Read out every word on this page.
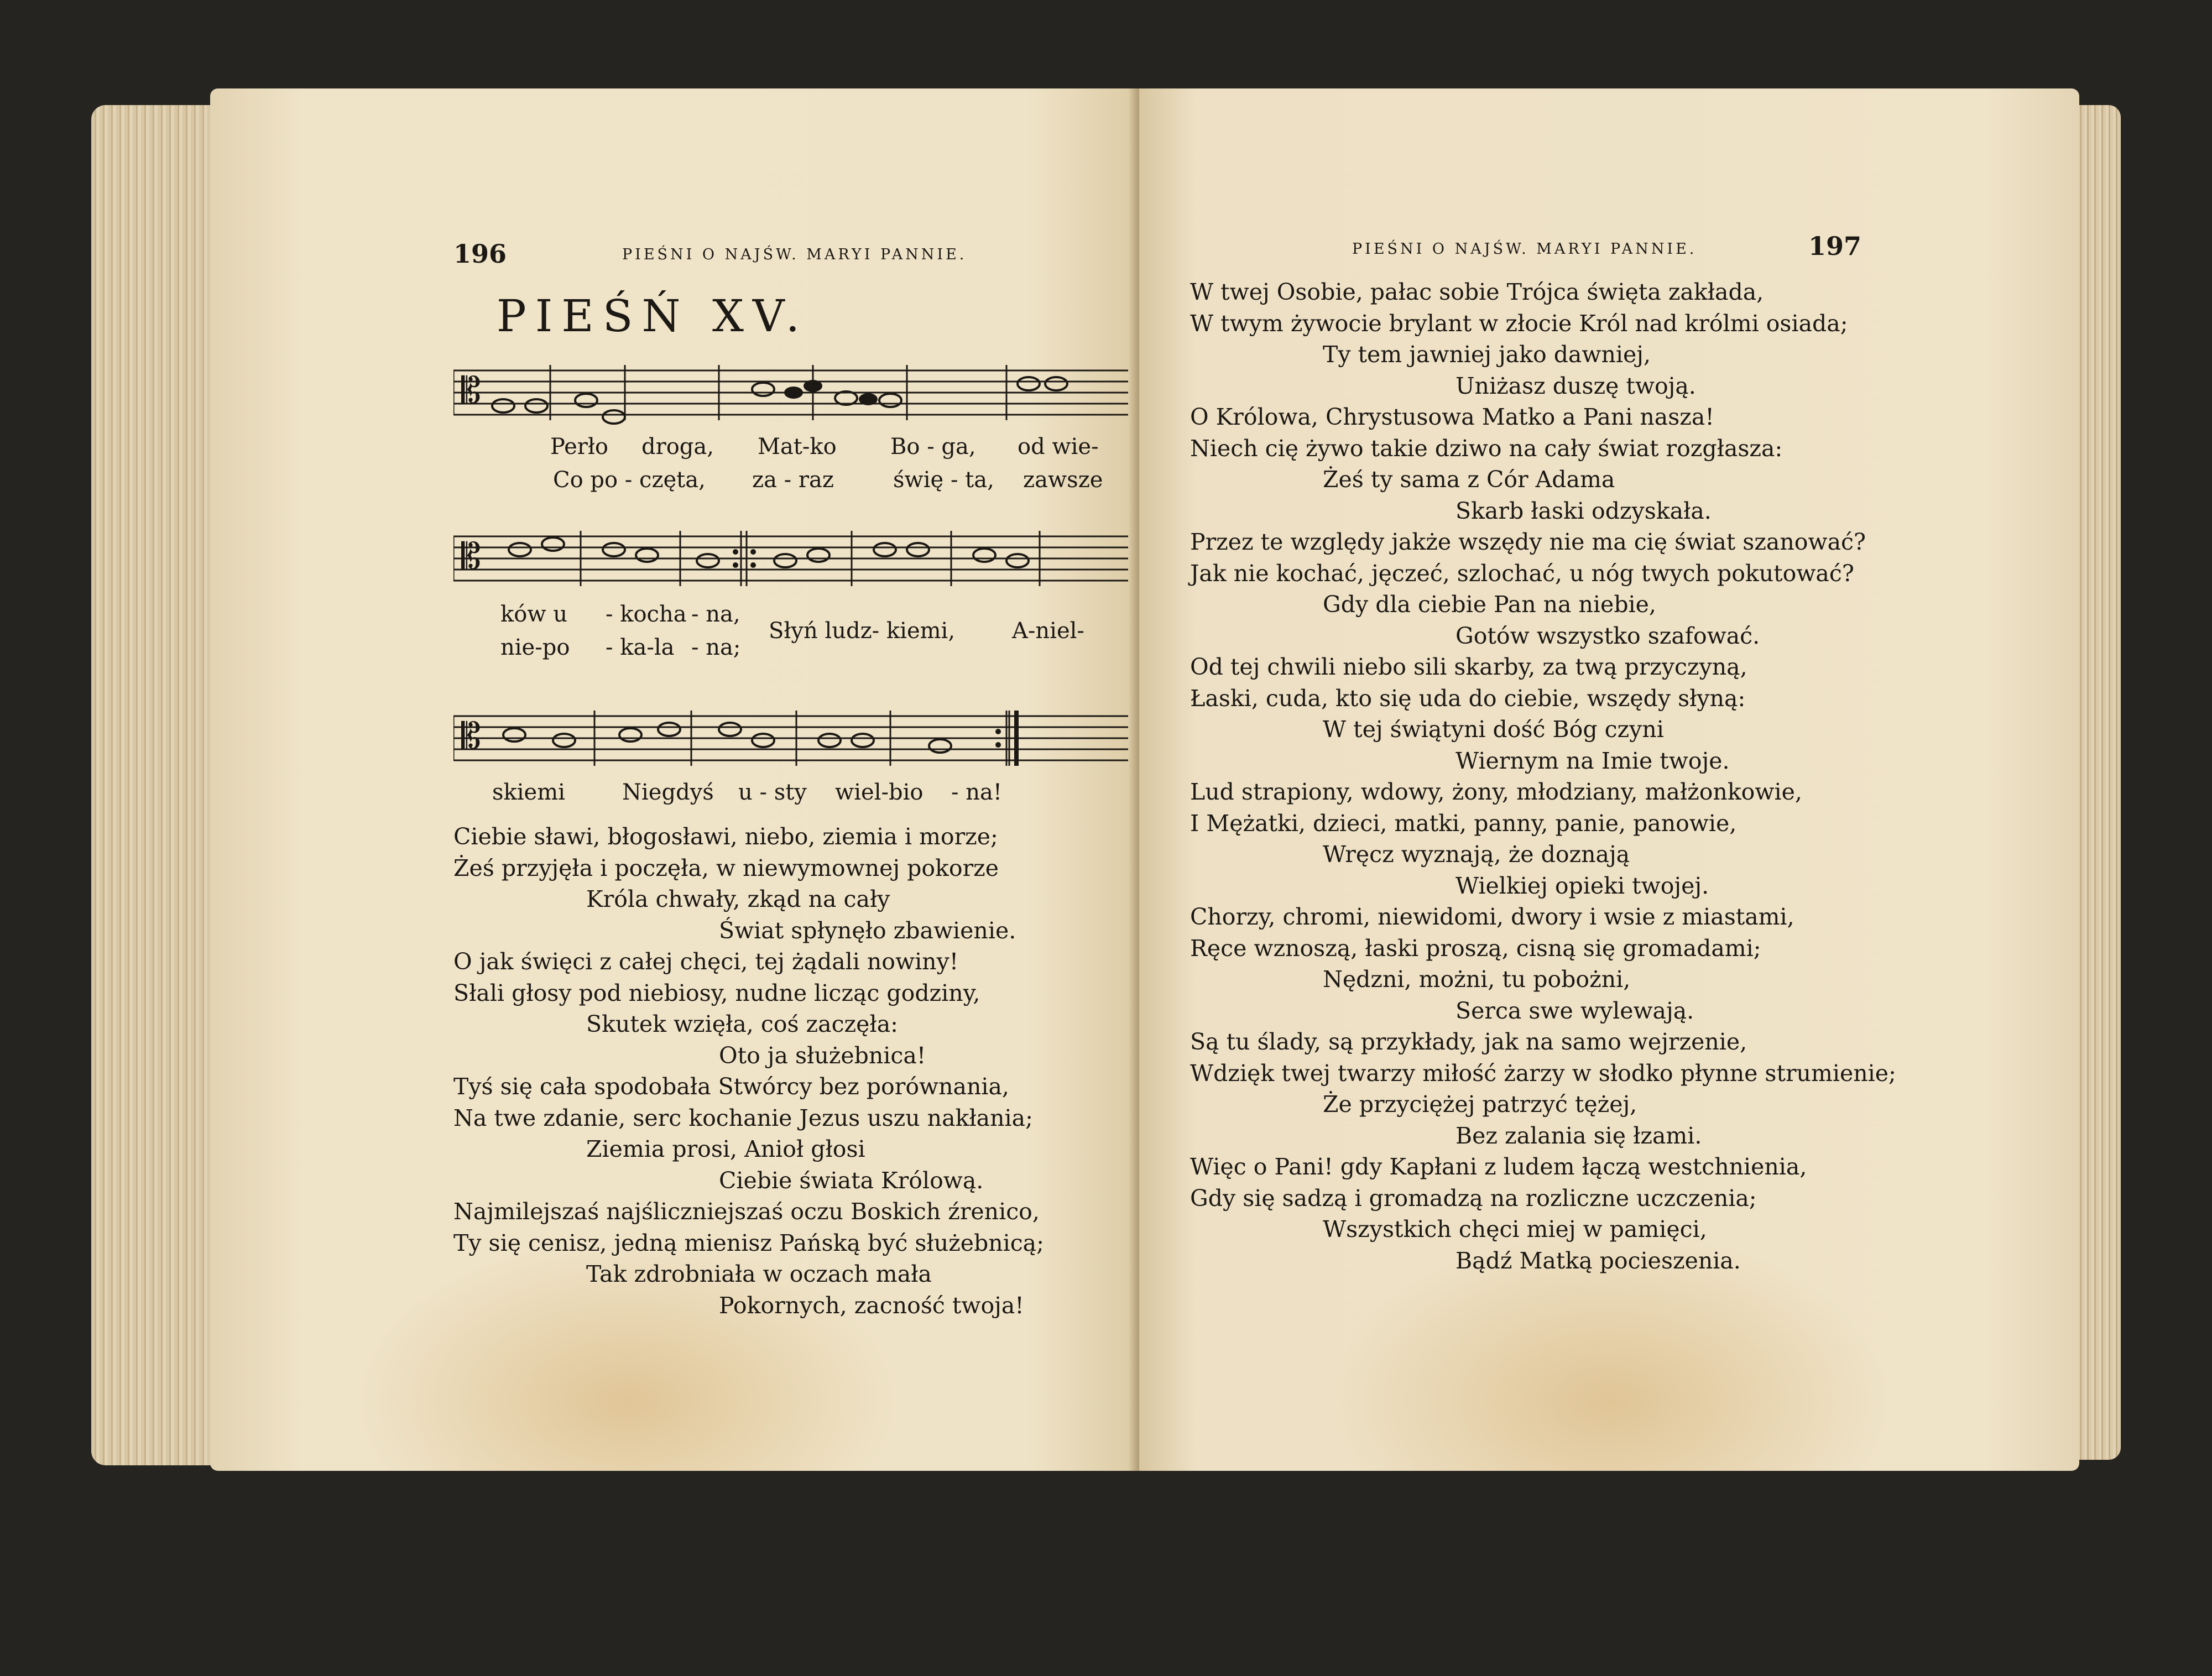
196	PIEŚNI O NAJŚW. MARYI PANNIE.
PIEŚŃ XV.
𝄡
Perło droga, Mat-ko Bo - ga, od wie-
Co po - częta, za - raz	świę - ta, zawsze
𝄡
ków u - kocha - na,
nie-po - ka-la - na;
Słyń ludz- kiemi,	A-niel-
𝄡
skiemi	Niegdyś u - sty wiel-bio - na!
Ciebie sławi, błogosławi, niebo, ziemia i morze;
Żeś przyjęła i poczęła, w niewymownej pokorze
Króla chwały, zkąd na cały
Świat spłynęło zbawienie.
O jak święci z całej chęci, tej żądali nowiny!
Słali głosy pod niebiosy, nudne licząc godziny,
Skutek wzięła, coś zaczęła:
Oto ja służebnica!
Tyś się cała spodobała Stwórcy bez porównania,
Na twe zdanie, serc kochanie Jezus uszu nakłania;
Ziemia prosi, Anioł głosi
Ciebie świata Królową.
Najmilejszaś najśliczniejszaś oczu Boskich źrenico,
Ty się cenisz, jedną mienisz Pańską być służebnicą;
Tak zdrobniała w oczach mała
Pokornych, zacność twoja!
PIEŚNI O NAJŚW. MARYI PANNIE.	197
W twej Osobie, pałac sobie Trójca święta zakłada,
W twym żywocie brylant w złocie Król nad królmi osiada;
Ty tem jawniej jako dawniej,
Uniżasz duszę twoją.
O Królowa, Chrystusowa Matko a Pani nasza!
Niech cię żywo takie dziwo na cały świat rozgłasza:
Żeś ty sama z Cór Adama
Skarb łaski odzyskała.
Przez te względy jakże wszędy nie ma cię świat szanować?
Jak nie kochać, jęczeć, szlochać, u nóg twych pokutować?
Gdy dla ciebie Pan na niebie,
Gotów wszystko szafować.
Od tej chwili niebo sili skarby, za twą przyczyną,
Łaski, cuda, kto się uda do ciebie, wszędy słyną:
W tej świątyni dość Bóg czyni
Wiernym na Imie twoje.
Lud strapiony, wdowy, żony, młodziany, małżonkowie,
I Mężatki, dzieci, matki, panny, panie, panowie,
Wręcz wyznają, że doznają
Wielkiej opieki twojej.
Chorzy, chromi, niewidomi, dwory i wsie z miastami,
Ręce wznoszą, łaski proszą, cisną się gromadami;
Nędzni, możni, tu pobożni,
Serca swe wylewają.
Są tu ślady, są przykłady, jak na samo wejrzenie,
Wdzięk twej twarzy miłość żarzy w słodko płynne strumienie;
Że przyciężej patrzyć tężej,
Bez zalania się łzami.
Więc o Pani! gdy Kapłani z ludem łączą westchnienia,
Gdy się sadzą i gromadzą na rozliczne uczczenia;
Wszystkich chęci miej w pamięci,
Bądź Matką pocieszenia.
